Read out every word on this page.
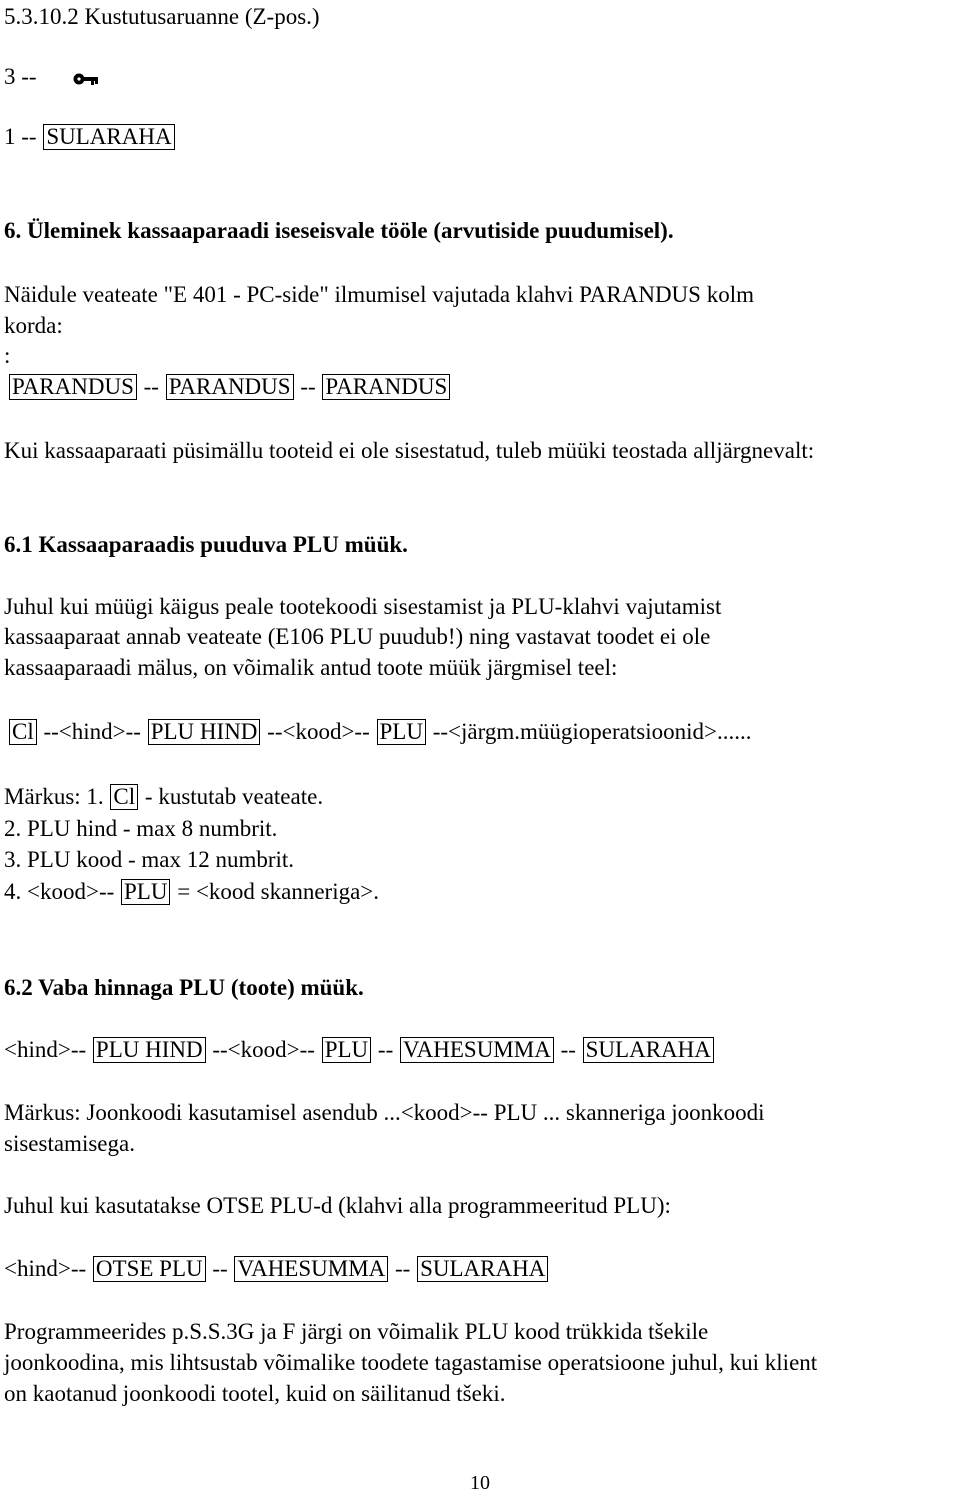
5.3.10.2 Kustutusaruanne (Z-pos.)
3 --
1 -- SULARAHA
6. Üleminek kassaaparaadi iseseisvale tööle (arvutiside puudumisel).
Näidule veateate "E 401 - PC-side" ilmumisel vajutada klahvi PARANDUS kolm
korda:
:
PARANDUS -- PARANDUS -- PARANDUS
Kui kassaaparaati püsimällu tooteid ei ole sisestatud, tuleb müüki teostada alljärgnevalt:
6.1 Kassaaparaadis puuduva PLU müük.
Juhul kui müügi käigus peale tootekoodi sisestamist ja PLU-klahvi vajutamist
kassaaparaat annab veateate (E106 PLU puudub!) ning vastavat toodet ei ole
kassaaparaadi mälus, on võimalik antud toote müük järgmisel teel:
Cl --<hind>-- PLU HIND --<kood>-- PLU --<järgm.müügioperatsioonid>......
Märkus: 1. Cl - kustutab veateate.
2. PLU hind - max 8 numbrit.
3. PLU kood - max 12 numbrit.
4. <kood>-- PLU = <kood skanneriga>.
6.2 Vaba hinnaga PLU (toote) müük.
<hind>-- PLU HIND --<kood>-- PLU -- VAHESUMMA -- SULARAHA
Märkus: Joonkoodi kasutamisel asendub ...<kood>-- PLU ... skanneriga joonkoodi
sisestamisega.
Juhul kui kasutatakse OTSE PLU-d (klahvi alla programmeeritud PLU):
<hind>-- OTSE PLU -- VAHESUMMA -- SULARAHA
Programmeerides p.S.S.3G ja F järgi on võimalik PLU kood trükkida tšekile
joonkoodina, mis lihtsustab võimalike toodete tagastamise operatsioone juhul, kui klient
on kaotanud joonkoodi tootel, kuid on säilitanud tšeki.
10
